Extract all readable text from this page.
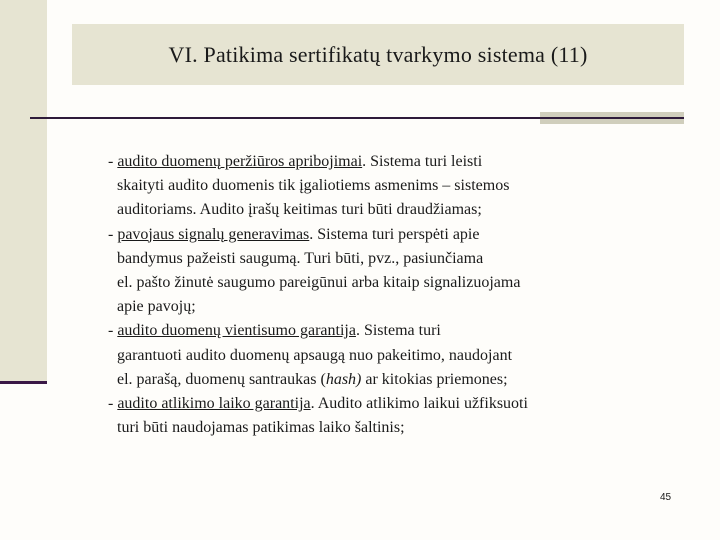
VI. Patikima sertifikatų tvarkymo sistema (11)
- audito duomenų peržiūros apribojimai. Sistema turi leisti
skaityti audito duomenis tik įgaliotiems asmenims – sistemos
auditoriams. Audito įrašų keitimas turi būti draudžiamas;
- pavojaus signalų generavimas. Sistema turi perspėti apie
bandymus pažeisti saugumą. Turi būti, pvz., pasiunčiama
el. pašto žinutė saugumo pareigūnui arba kitaip signalizuojama
apie pavojų;
- audito duomenų vientisumo garantija. Sistema turi
garantuoti audito duomenų apsaugą nuo pakeitimo, naudojant
el. parašą, duomenų santraukas (hash) ar kitokias priemones;
- audito atlikimo laiko garantija. Audito atlikimo laikui užfiksuoti
turi būti naudojamas patikimas laiko šaltinis;
45
